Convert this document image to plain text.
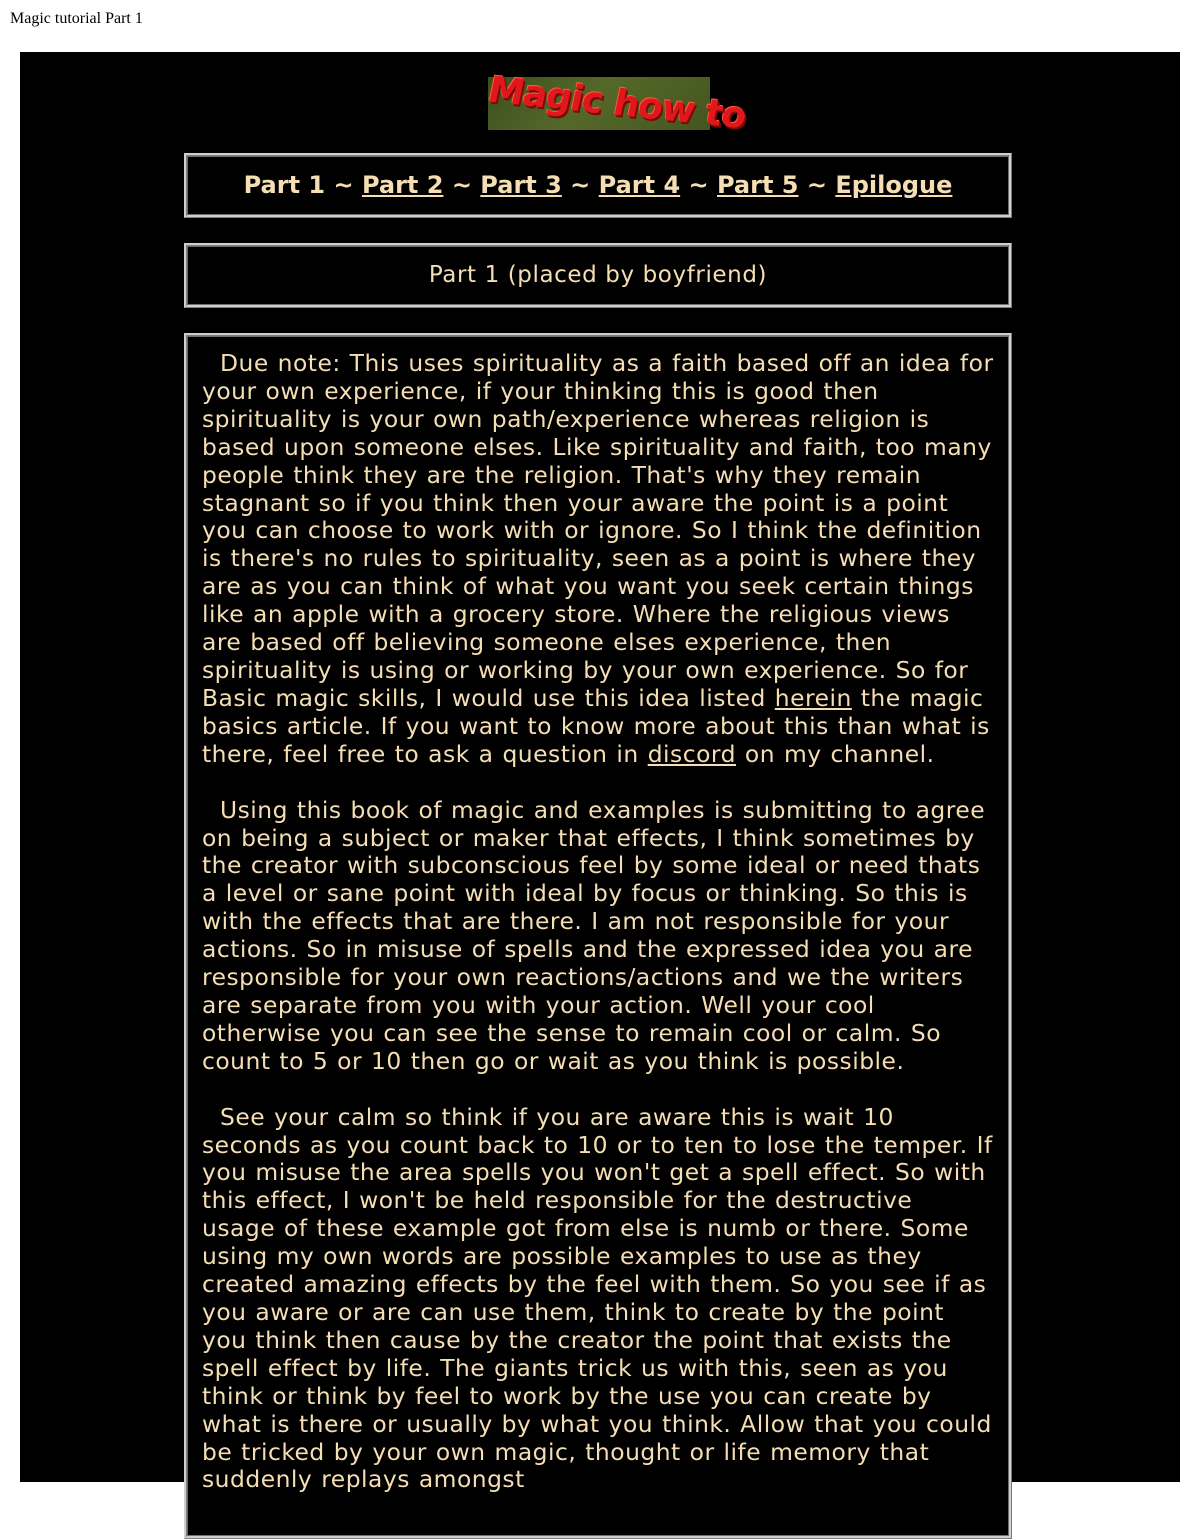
Magic tutorial Part 1
Magic how to
Part 1 ~ Part 2 ~ Part 3 ~ Part 4 ~ Part 5 ~ Epilogue
Part 1 (placed by boyfriend)

Due note: This uses spirituality as a faith based off an idea for your own experience, if your thinking this is good then spirituality is your own path/experience whereas religion is based upon someone elses. Like spirituality and faith, too many people think they are the religion. That's why they remain stagnant so if you think then your aware the point is a point you can choose to work with or ignore. So I think the definition is there's no rules to spirituality, seen as a point is where they are as you can think of what you want you seek certain things like an apple with a grocery store. Where the religious views are based off believing someone elses experience, then spirituality is using or working by your own experience. So for Basic magic skills, I would use this idea listed herein the magic basics article. If you want to know more about this than what is there, feel free to ask a question in discord on my channel.

Using this book of magic and examples is submitting to agree on being a subject or maker that effects, I think sometimes by the creator with subconscious feel by some ideal or need thats a level or sane point with ideal by focus or thinking. So this is with the effects that are there. I am not responsible for your actions. So in misuse of spells and the expressed idea you are responsible for your own reactions/actions and we the writers are separate from you with your action. Well your cool otherwise you can see the sense to remain cool or calm. So count to 5 or 10 then go or wait as you think is possible.

See your calm so think if you are aware this is wait 10 seconds as you count back to 10 or to ten to lose the temper. If you misuse the area spells you won't get a spell effect. So with this effect, I won't be held responsible for the destructive usage of these example got from else is numb or there. Some using my own words are possible examples to use as they created amazing effects by the feel with them. So you see if as you aware or are can use them, think to create by the point you think then cause by the creator the point that exists the spell effect by life. The giants trick us with this, seen as you think or think by feel to work by the use you can create by what is there or usually by what you think. Allow that you could be tricked by your own magic, thought or life memory that suddenly replays amongst
